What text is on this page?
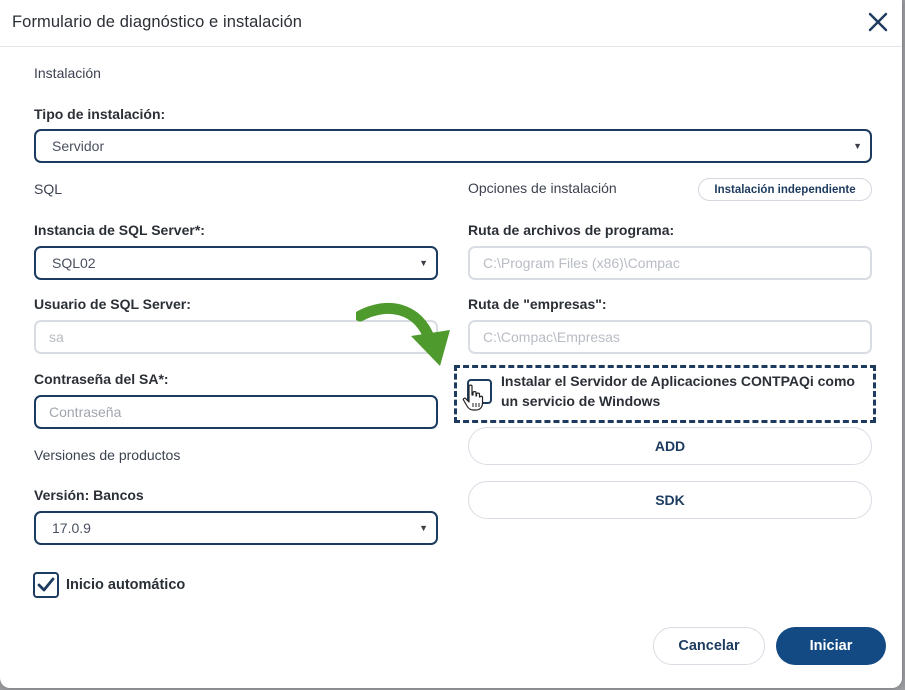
Formulario de diagnóstico e instalación
Instalación
Tipo de instalación:
Servidor	▼
SQL
Instancia de SQL Server*:
SQL02	▼
Usuario de SQL Server:
sa
Contraseña del SA*:
Contraseña
Versiones de productos
Versión: Bancos
17.0.9	▼
Inicio automático
Opciones de instalación	Instalación independiente
Ruta de archivos de programa:
C:\Program Files (x86)\Compac
Ruta de "empresas":
C:\Compac\Empresas
Instalar el Servidor de Aplicaciones CONTPAQi como un servicio de Windows
ADD
SDK
Cancelar	Iniciar
